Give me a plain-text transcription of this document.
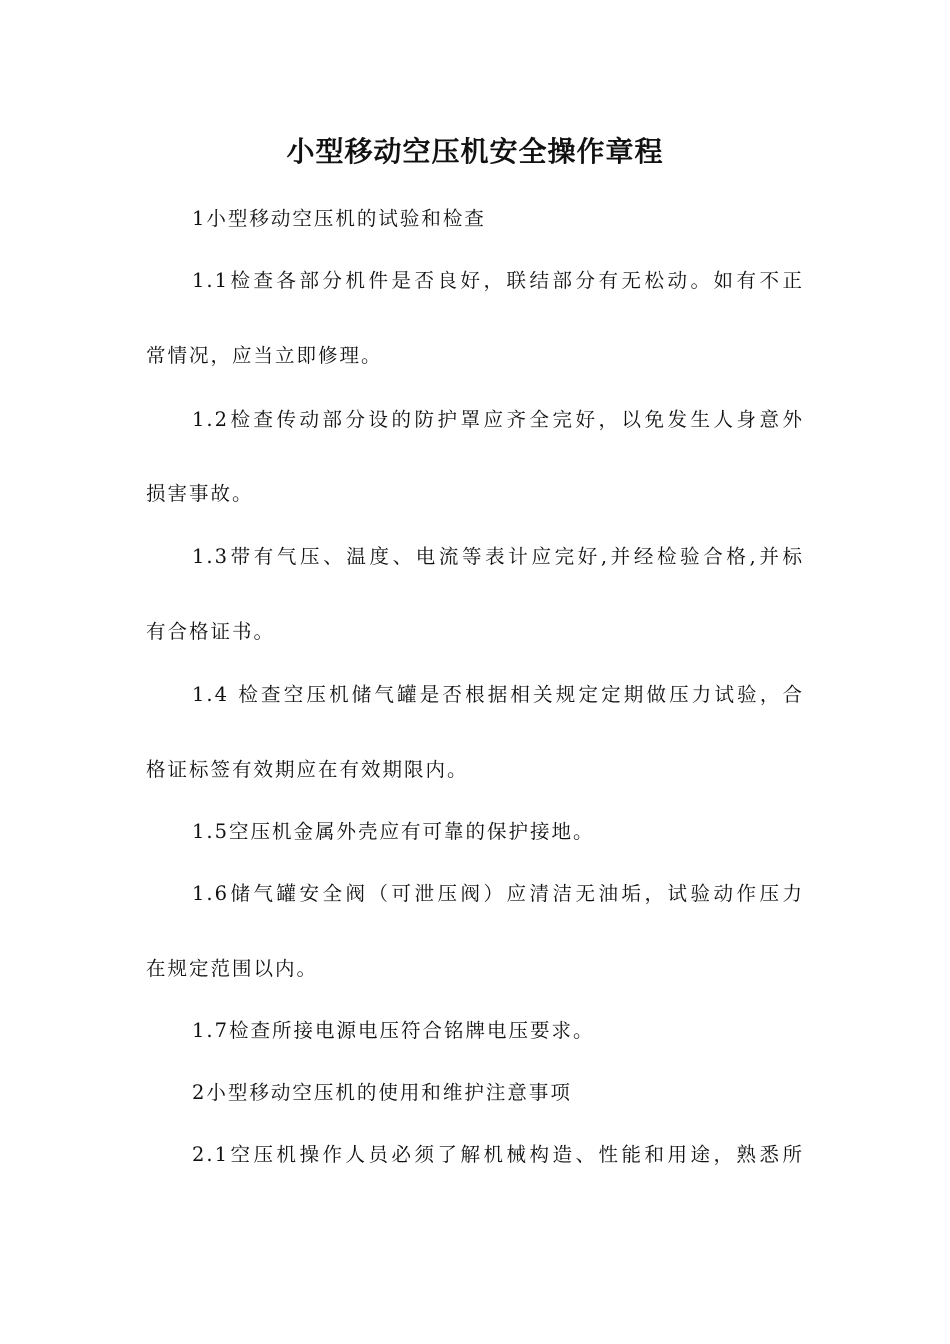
小型移动空压机安全操作章程
1小型移动空压机的试验和检查
1.1检查各部分机件是否良好，联结部分有无松动。如有不正
常情况，应当立即修理。
1.2检查传动部分设的防护罩应齐全完好，以免发生人身意外
损害事故。
1.3带有气压、温度、电流等表计应完好,并经检验合格,并标
有合格证书。
1.4 检查空压机储气罐是否根据相关规定定期做压力试验，合
格证标签有效期应在有效期限内。
1.5空压机金属外壳应有可靠的保护接地。
1.6储气罐安全阀（可泄压阀）应清洁无油垢，试验动作压力
在规定范围以内。
1.7检查所接电源电压符合铭牌电压要求。
2小型移动空压机的使用和维护注意事项
2.1空压机操作人员必须了解机械构造、性能和用途，熟悉所
